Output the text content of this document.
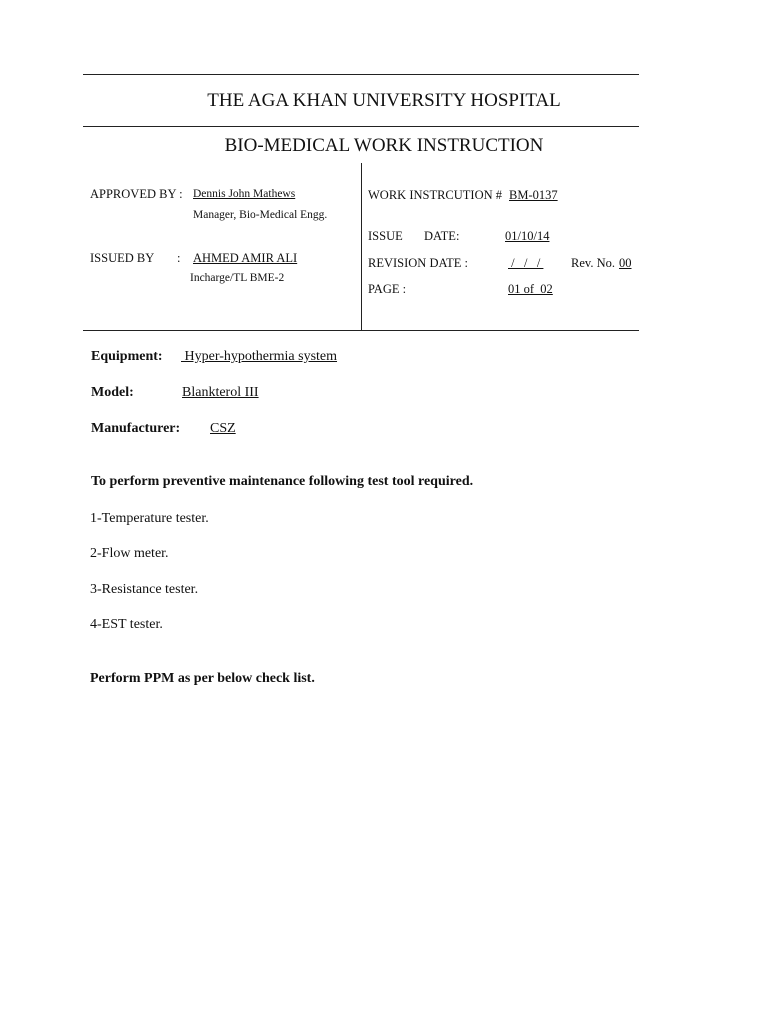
THE AGA KHAN UNIVERSITY HOSPITAL
BIO-MEDICAL WORK INSTRUCTION
APPROVED BY : Dennis John Mathews
Manager, Bio-Medical Engg.
ISSUED BY : AHMED AMIR ALI
Incharge/TL BME-2
WORK INSTRCUTION # BM-0137
ISSUE DATE:	01/10/14
REVISION DATE :	/   /   / Rev. No. 00
PAGE :	01 of  02
Equipment: Hyper-hypothermia system
Model:	Blankterol III
Manufacturer: CSZ
To perform preventive maintenance following test tool required.
1-Temperature tester.
2-Flow meter.
3-Resistance tester.
4-EST tester.
Perform PPM as per below check list.
